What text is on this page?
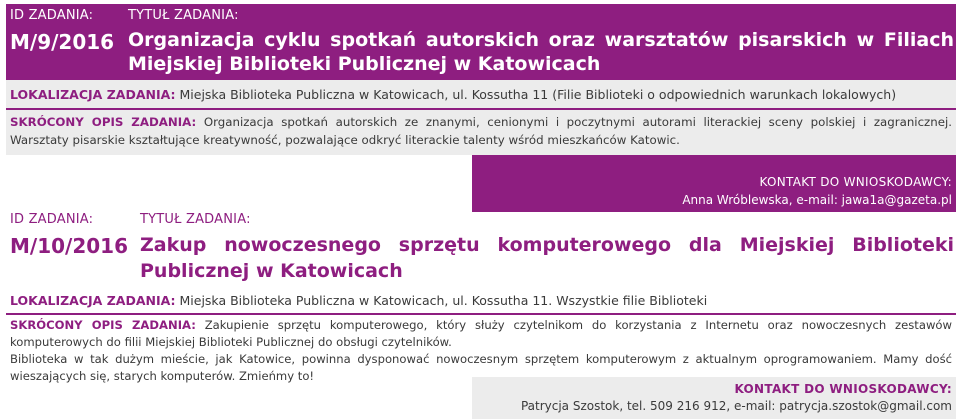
ID ZADANIA:	TYTUŁ ZADANIA:
M/9/2016 Organizacja cyklu spotkań autorskich oraz warsztatów pisarskich w Filiach Miejskiej Biblioteki Publicznej w Katowicach
LOKALIZACJA ZADANIA: Miejska Biblioteka Publiczna w Katowicach, ul. Kossutha 11 (Filie Biblioteki o odpowiednich warunkach lokalowych)
SKRÓCONY OPIS ZADANIA: Organizacja spotkań autorskich ze znanymi, cenionymi i poczytnymi autorami literackiej sceny polskiej i zagranicznej. Warsztaty pisarskie kształtujące kreatywność, pozwalające odkryć literackie talenty wśród mieszkańców Katowic.
KONTAKT DO WNIOSKODAWCY:
Anna Wróblewska, e-mail: jawa1a@gazeta.pl
ID ZADANIA:	TYTUŁ ZADANIA:
M/10/2016 Zakup nowoczesnego sprzętu komputerowego dla Miejskiej Biblioteki Publicznej w Katowicach
LOKALIZACJA ZADANIA: Miejska Biblioteka Publiczna w Katowicach, ul. Kossutha 11. Wszystkie filie Biblioteki
SKRÓCONY OPIS ZADANIA: Zakupienie sprzętu komputerowego, który służy czytelnikom do korzystania z Internetu oraz nowoczesnych zestawów komputerowych do filii Miejskiej Biblioteki Publicznej do obsługi czytelników.
Biblioteka w tak dużym mieście, jak Katowice, powinna dysponować nowoczesnym sprzętem komputerowym z aktualnym oprogramowaniem. Mamy dość wieszających się, starych komputerów. Zmieńmy to!
KONTAKT DO WNIOSKODAWCY:
Patrycja Szostok, tel. 509 216 912, e-mail: patrycja.szostok@gmail.com
